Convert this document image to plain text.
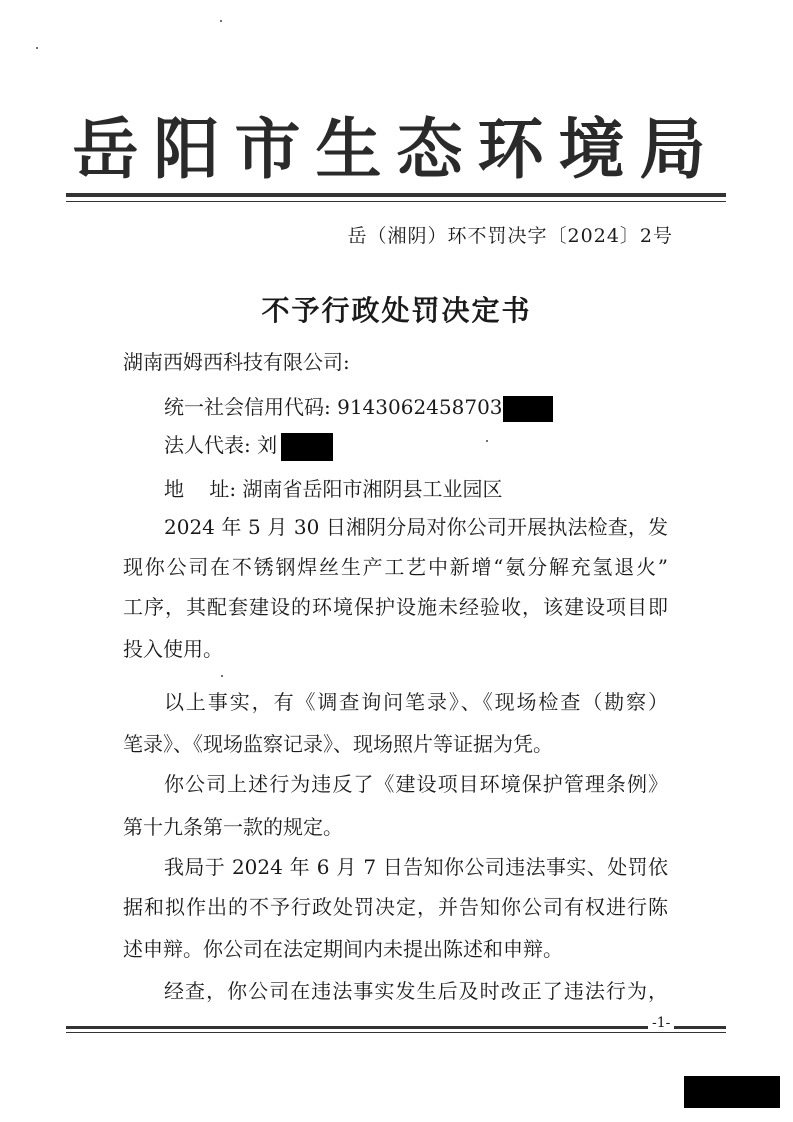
岳阳市生态环境局
岳（湘阴）环不罚决字〔2024〕2号
不予行政处罚决定书
湖南西姆西科技有限公司:
统一社会信用代码: 9143062458703
法人代表: 刘
地    址: 湖南省岳阳市湘阴县工业园区
2024 年 5 月 30 日湘阴分局对你公司开展执法检查，发
现你公司在不锈钢焊丝生产工艺中新增“氨分解充氢退火”
工序，其配套建设的环境保护设施未经验收，该建设项目即
投入使用。
以上事实，有《调查询问笔录》、《现场检查（勘察）
笔录》、《现场监察记录》、现场照片等证据为凭。
你公司上述行为违反了《建设项目环境保护管理条例》
第十九条第一款的规定。
我局于 2024 年 6 月 7 日告知你公司违法事实、处罚依
据和拟作出的不予行政处罚决定，并告知你公司有权进行陈
述申辩。你公司在法定期间内未提出陈述和申辩。
经查，你公司在违法事实发生后及时改正了违法行为，
-1-
